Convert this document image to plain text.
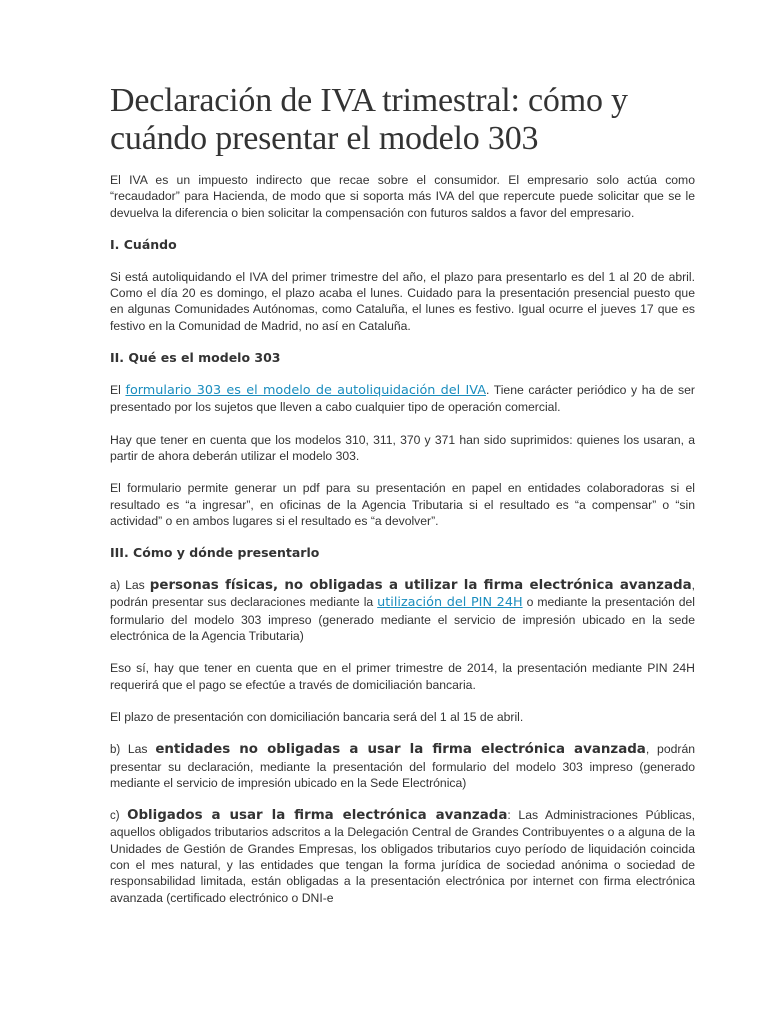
Declaración de IVA trimestral: cómo y cuándo presentar el modelo 303

El IVA es un impuesto indirecto que recae sobre el consumidor. El empresario solo actúa como “recaudador” para Hacienda, de modo que si soporta más IVA del que repercute puede solicitar que se le devuelva la diferencia o bien solicitar la compensación con futuros saldos a favor del empresario.

I. Cuándo

Si está autoliquidando el IVA del primer trimestre del año, el plazo para presentarlo es del 1 al 20 de abril. Como el día 20 es domingo, el plazo acaba el lunes. Cuidado para la presentación presencial puesto que en algunas Comunidades Autónomas, como Cataluña, el lunes es festivo. Igual ocurre el jueves 17 que es festivo en la Comunidad de Madrid, no así en Cataluña.

II. Qué es el modelo 303

El formulario 303 es el modelo de autoliquidación del IVA. Tiene carácter periódico y ha de ser presentado por los sujetos que lleven a cabo cualquier tipo de operación comercial.

Hay que tener en cuenta que los modelos 310, 311, 370 y 371 han sido suprimidos: quienes los usaran, a partir de ahora deberán utilizar el modelo 303.

El formulario permite generar un pdf para su presentación en papel en entidades colaboradoras si el resultado es “a ingresar”, en oficinas de la Agencia Tributaria si el resultado es “a compensar” o “sin actividad” o en ambos lugares si el resultado es “a devolver”.

III. Cómo y dónde presentarlo

a) Las personas físicas, no obligadas a utilizar la firma electrónica avanzada, podrán presentar sus declaraciones mediante la utilización del PIN 24H o mediante la presentación del formulario del modelo 303 impreso (generado mediante el servicio de impresión ubicado en la sede electrónica de la Agencia Tributaria)

Eso sí, hay que tener en cuenta que en el primer trimestre de 2014, la presentación mediante PIN 24H requerirá que el pago se efectúe a través de domiciliación bancaria.

El plazo de presentación con domiciliación bancaria será del 1 al 15 de abril.

b) Las entidades no obligadas a usar la firma electrónica avanzada, podrán presentar su declaración, mediante la presentación del formulario del modelo 303 impreso (generado mediante el servicio de impresión ubicado en la Sede Electrónica)

c) Obligados a usar la firma electrónica avanzada: Las Administraciones Públicas, aquellos obligados tributarios adscritos a la Delegación Central de Grandes Contribuyentes o a alguna de la Unidades de Gestión de Grandes Empresas, los obligados tributarios cuyo período de liquidación coincida con el mes natural, y las entidades que tengan la forma jurídica de sociedad anónima o sociedad de responsabilidad limitada, están obligadas a la presentación electrónica por internet con firma electrónica avanzada (certificado electrónico o DNI-e
